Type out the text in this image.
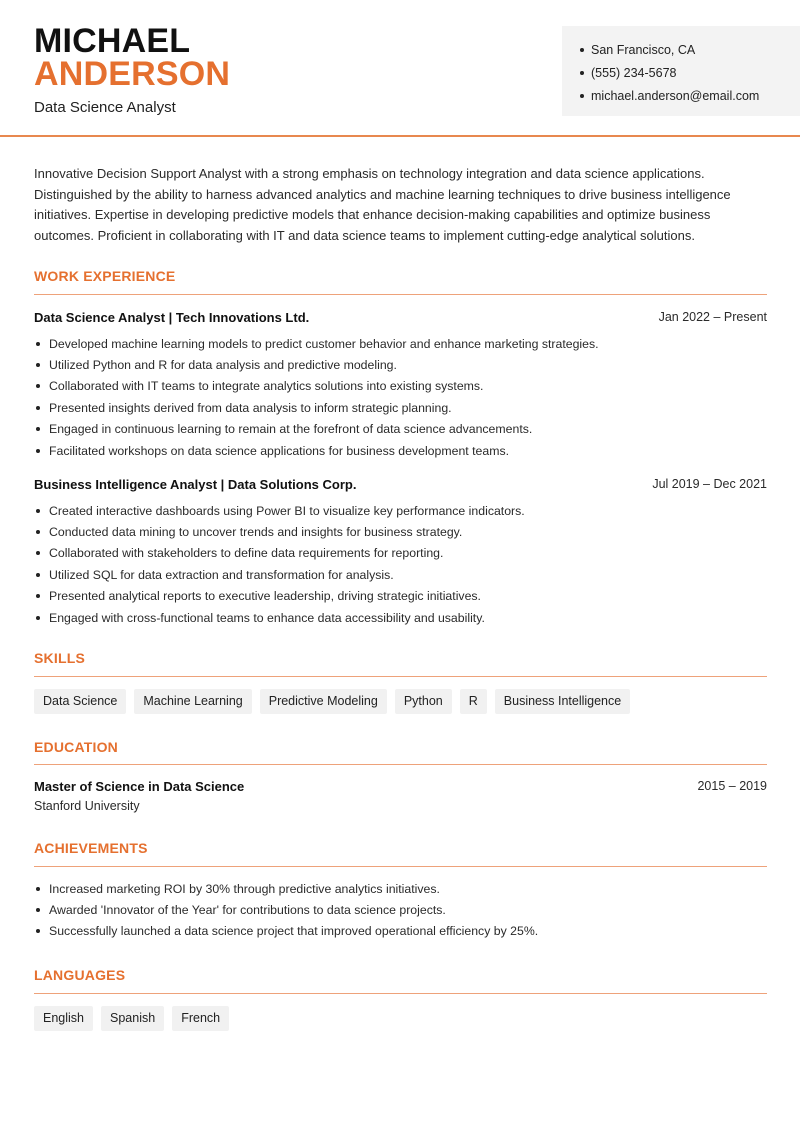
MICHAEL
ANDERSON
Data Science Analyst
San Francisco, CA
(555) 234-5678
michael.anderson@email.com

Innovative Decision Support Analyst with a strong emphasis on technology integration and data science applications. Distinguished by the ability to harness advanced analytics and machine learning techniques to drive business intelligence initiatives. Expertise in developing predictive models that enhance decision-making capabilities and optimize business outcomes. Proficient in collaborating with IT and data science teams to implement cutting-edge analytical solutions.

WORK EXPERIENCE
Data Science Analyst | Tech Innovations Ltd.	Jan 2022 – Present
Developed machine learning models to predict customer behavior and enhance marketing strategies.
Utilized Python and R for data analysis and predictive modeling.
Collaborated with IT teams to integrate analytics solutions into existing systems.
Presented insights derived from data analysis to inform strategic planning.
Engaged in continuous learning to remain at the forefront of data science advancements.
Facilitated workshops on data science applications for business development teams.
Business Intelligence Analyst | Data Solutions Corp.	Jul 2019 – Dec 2021
Created interactive dashboards using Power BI to visualize key performance indicators.
Conducted data mining to uncover trends and insights for business strategy.
Collaborated with stakeholders to define data requirements for reporting.
Utilized SQL for data extraction and transformation for analysis.
Presented analytical reports to executive leadership, driving strategic initiatives.
Engaged with cross-functional teams to enhance data accessibility and usability.
SKILLS
Data Science	Machine Learning	Predictive Modeling	Python	R	Business Intelligence
EDUCATION
Master of Science in Data Science	2015 – 2019
Stanford University
ACHIEVEMENTS
Increased marketing ROI by 30% through predictive analytics initiatives.
Awarded 'Innovator of the Year' for contributions to data science projects.
Successfully launched a data science project that improved operational efficiency by 25%.
LANGUAGES
English	Spanish	French
